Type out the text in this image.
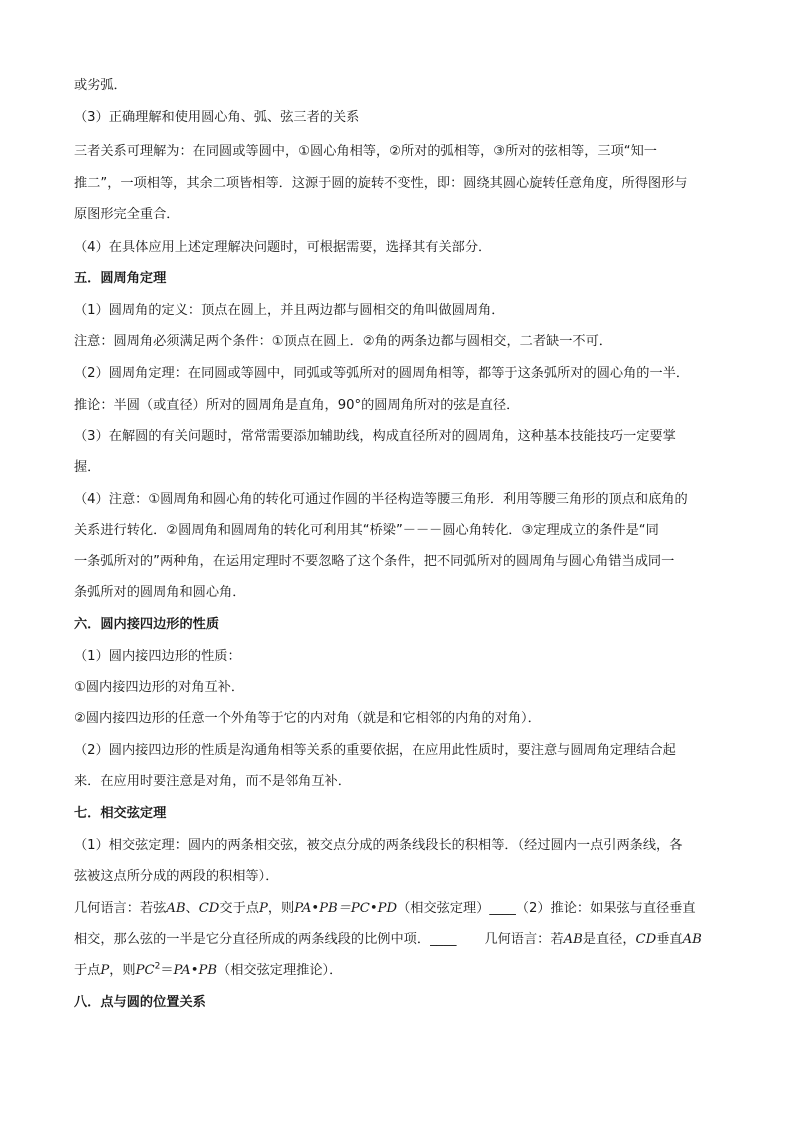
或劣弧．
（3）正确理解和使用圆心角、弧、弦三者的关系
三者关系可理解为：在同圆或等圆中，①圆心角相等，②所对的弧相等，③所对的弦相等，三项“知一
推二”，一项相等，其余二项皆相等．这源于圆的旋转不变性，即：圆绕其圆心旋转任意角度，所得图形与
原图形完全重合．
（4）在具体应用上述定理解决问题时，可根据需要，选择其有关部分．
五．圆周角定理
（1）圆周角的定义：顶点在圆上，并且两边都与圆相交的角叫做圆周角．
注意：圆周角必须满足两个条件：①顶点在圆上．②角的两条边都与圆相交，二者缺一不可．
（2）圆周角定理：在同圆或等圆中，同弧或等弧所对的圆周角相等，都等于这条弧所对的圆心角的一半．
推论：半圆（或直径）所对的圆周角是直角，90°的圆周角所对的弦是直径．
（3）在解圆的有关问题时，常常需要添加辅助线，构成直径所对的圆周角，这种基本技能技巧一定要掌
握．
（4）注意：①圆周角和圆心角的转化可通过作圆的半径构造等腰三角形．利用等腰三角形的顶点和底角的
关系进行转化．②圆周角和圆周角的转化可利用其“桥梁”－－－圆心角转化．③定理成立的条件是“同
一条弧所对的”两种角，在运用定理时不要忽略了这个条件，把不同弧所对的圆周角与圆心角错当成同一
条弧所对的圆周角和圆心角．
六．圆内接四边形的性质
（1）圆内接四边形的性质：
①圆内接四边形的对角互补．
②圆内接四边形的任意一个外角等于它的内对角（就是和它相邻的内角的对角）．
（2）圆内接四边形的性质是沟通角相等关系的重要依据，在应用此性质时，要注意与圆周角定理结合起
来．在应用时要注意是对角，而不是邻角互补．
七．相交弦定理
（1）相交弦定理：圆内的两条相交弦，被交点分成的两条线段长的积相等．（经过圆内一点引两条线，各
弦被这点所分成的两段的积相等）．
几何语言：若弦AB、CD交于点P，则PA•PB＝PC•PD（相交弦定理）____（2）推论：如果弦与直径垂直
相交，那么弦的一半是它分直径所成的两条线段的比例中项．____ 几何语言：若AB是直径，CD垂直AB
于点P，则$PC^2=PA•PB$（相交弦定理推论）．
八．点与圆的位置关系
